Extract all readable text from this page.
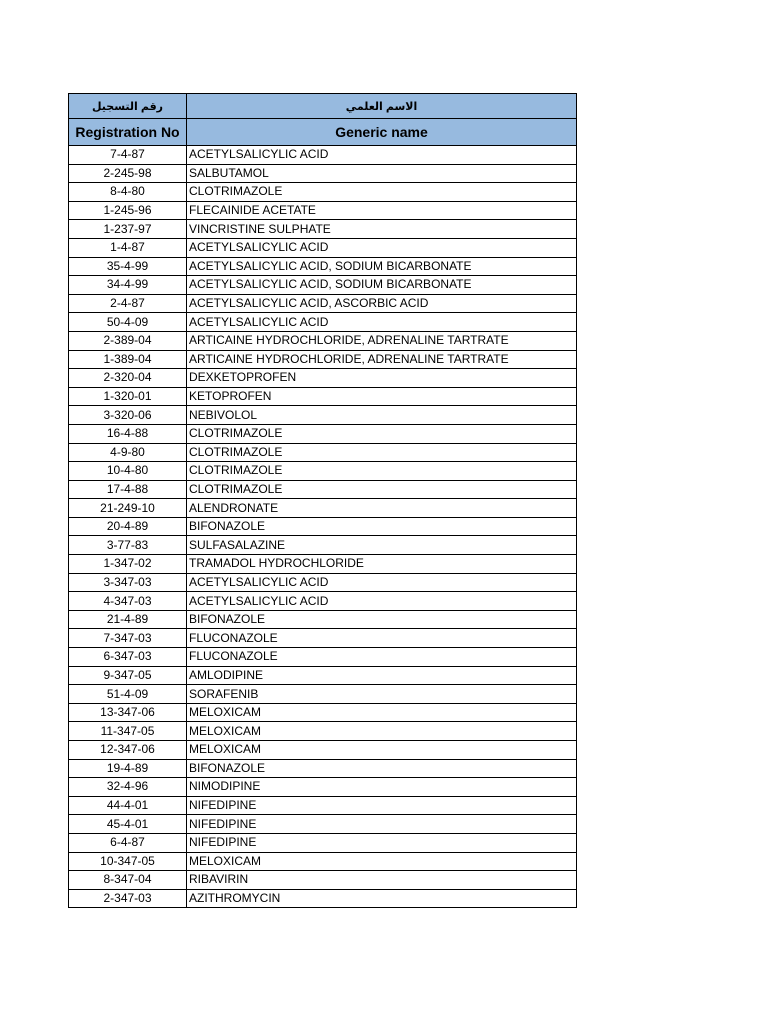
رقم التسجيل	الاسم العلمي
Registration No	Generic name
7-4-87	ACETYLSALICYLIC ACID
2-245-98	SALBUTAMOL
8-4-80	CLOTRIMAZOLE
1-245-96	FLECAINIDE ACETATE
1-237-97	VINCRISTINE SULPHATE
1-4-87	ACETYLSALICYLIC ACID
35-4-99	ACETYLSALICYLIC ACID, SODIUM BICARBONATE
34-4-99	ACETYLSALICYLIC ACID, SODIUM BICARBONATE
2-4-87	ACETYLSALICYLIC ACID, ASCORBIC ACID
50-4-09	ACETYLSALICYLIC ACID
2-389-04	ARTICAINE HYDROCHLORIDE, ADRENALINE TARTRATE
1-389-04	ARTICAINE HYDROCHLORIDE, ADRENALINE TARTRATE
2-320-04	DEXKETOPROFEN
1-320-01	KETOPROFEN
3-320-06	NEBIVOLOL
16-4-88	CLOTRIMAZOLE
4-9-80	CLOTRIMAZOLE
10-4-80	CLOTRIMAZOLE
17-4-88	CLOTRIMAZOLE
21-249-10	ALENDRONATE
20-4-89	BIFONAZOLE
3-77-83	SULFASALAZINE
1-347-02	TRAMADOL HYDROCHLORIDE
3-347-03	ACETYLSALICYLIC ACID
4-347-03	ACETYLSALICYLIC ACID
21-4-89	BIFONAZOLE
7-347-03	FLUCONAZOLE
6-347-03	FLUCONAZOLE
9-347-05	AMLODIPINE
51-4-09	SORAFENIB
13-347-06	MELOXICAM
11-347-05	MELOXICAM
12-347-06	MELOXICAM
19-4-89	BIFONAZOLE
32-4-96	NIMODIPINE
44-4-01	NIFEDIPINE
45-4-01	NIFEDIPINE
6-4-87	NIFEDIPINE
10-347-05	MELOXICAM
8-347-04	RIBAVIRIN
2-347-03	AZITHROMYCIN
